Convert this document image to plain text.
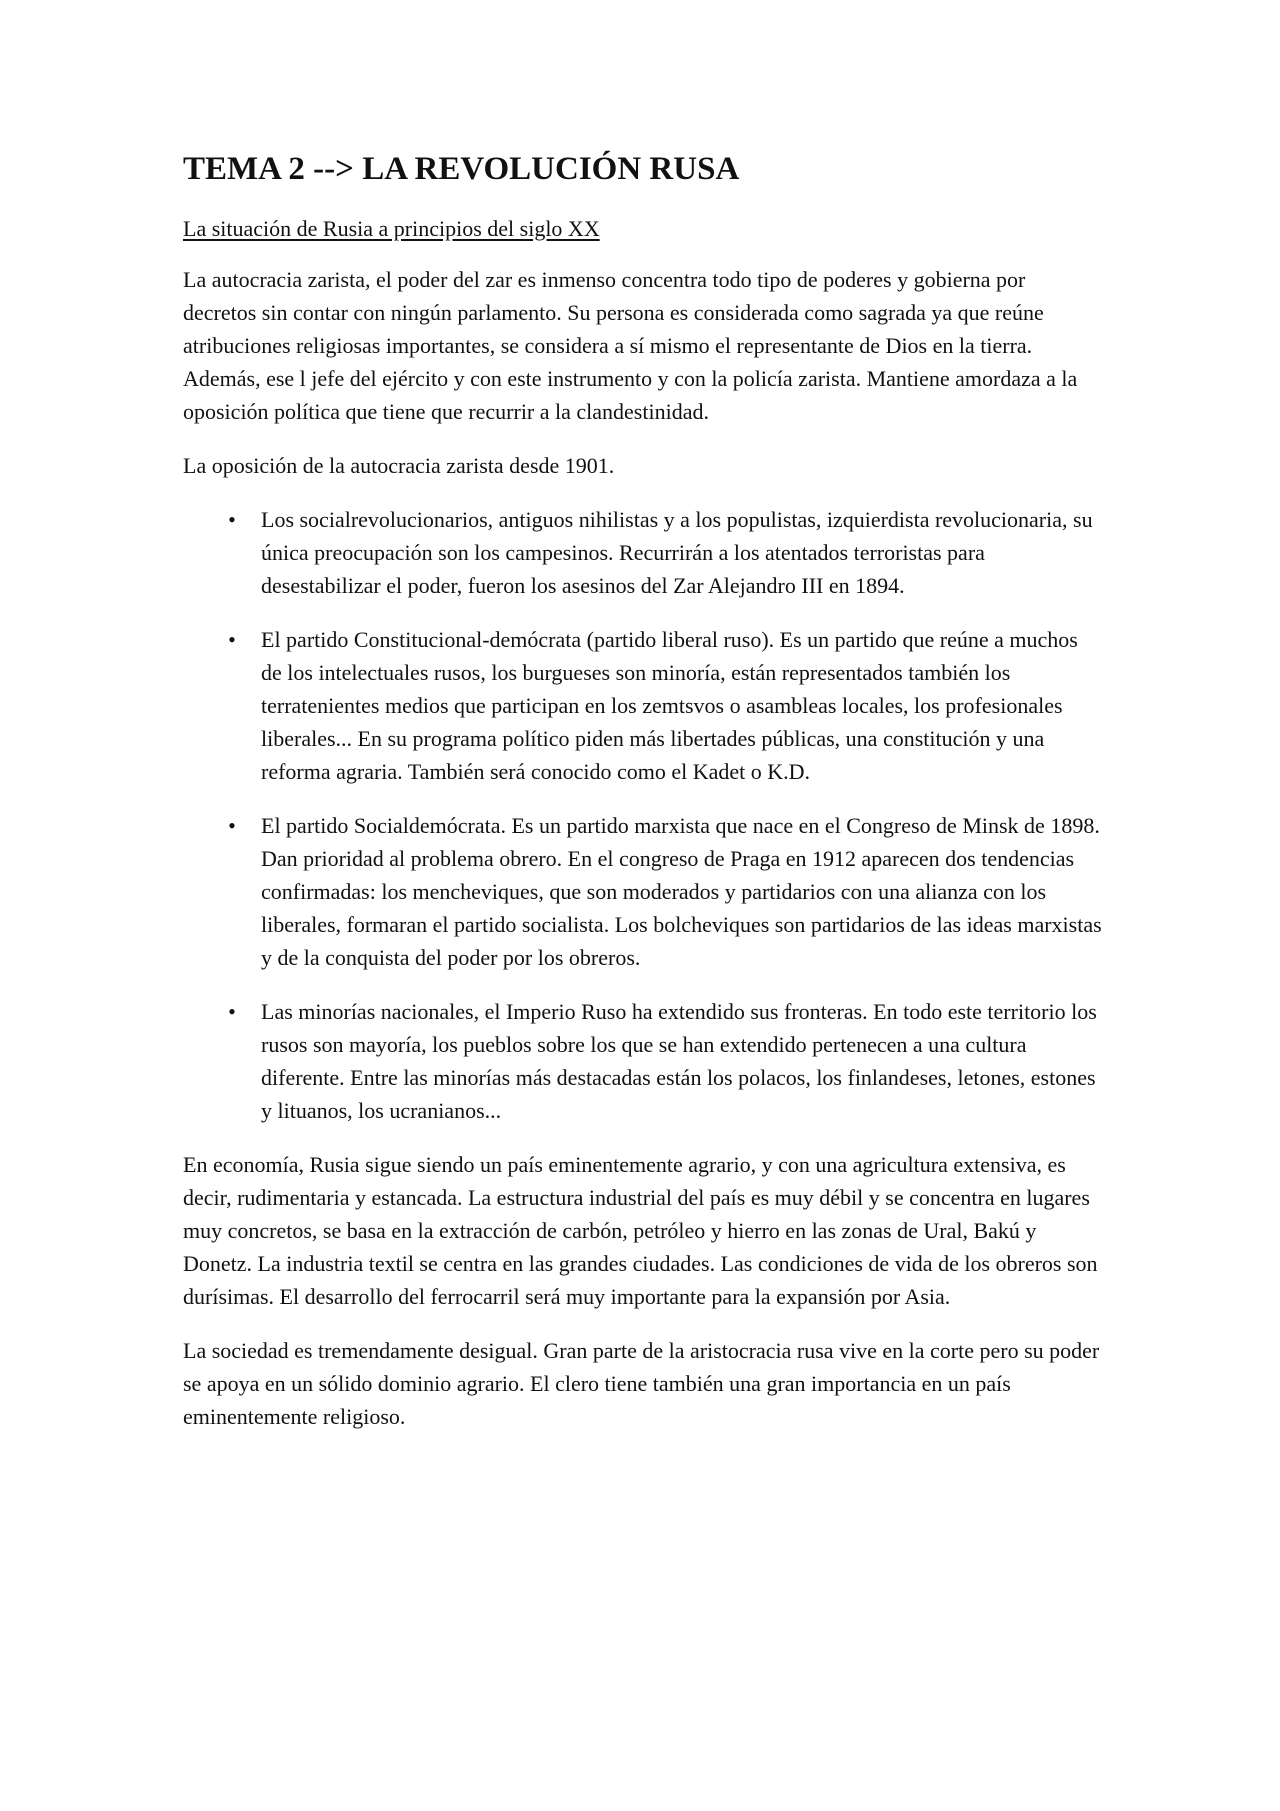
TEMA 2 --> LA REVOLUCIÓN RUSA
La situación de Rusia a principios del siglo XX

La autocracia zarista, el poder del zar es inmenso concentra todo tipo de poderes y gobierna por decretos sin contar con ningún parlamento. Su persona es considerada como sagrada ya que reúne atribuciones religiosas importantes, se considera a sí mismo el representante de Dios en la tierra. Además, ese l jefe del ejército y con este instrumento y con la policía zarista. Mantiene amordaza a la oposición política que tiene que recurrir a la clandestinidad.

La oposición de la autocracia zarista desde 1901.

• Los socialrevolucionarios, antiguos nihilistas y a los populistas, izquierdista revolucionaria, su única preocupación son los campesinos. Recurrirán a los atentados terroristas para desestabilizar el poder, fueron los asesinos del Zar Alejandro III en 1894.
• El partido Constitucional-demócrata (partido liberal ruso). Es un partido que reúne a muchos de los intelectuales rusos, los burgueses son minoría, están representados también los terratenientes medios que participan en los zemtsvos o asambleas locales, los profesionales liberales... En su programa político piden más libertades públicas, una constitución y una reforma agraria. También será conocido como el Kadet o K.D.
• El partido Socialdemócrata. Es un partido marxista que nace en el Congreso de Minsk de 1898. Dan prioridad al problema obrero. En el congreso de Praga en 1912 aparecen dos tendencias confirmadas: los mencheviques, que son moderados y partidarios con una alianza con los liberales, formaran el partido socialista. Los bolcheviques son partidarios de las ideas marxistas y de la conquista del poder por los obreros.
• Las minorías nacionales, el Imperio Ruso ha extendido sus fronteras. En todo este territorio los rusos son mayoría, los pueblos sobre los que se han extendido pertenecen a una cultura diferente. Entre las minorías más destacadas están los polacos, los finlandeses, letones, estones y lituanos, los ucranianos...

En economía, Rusia sigue siendo un país eminentemente agrario, y con una agricultura extensiva, es decir, rudimentaria y estancada. La estructura industrial del país es muy débil y se concentra en lugares muy concretos, se basa en la extracción de carbón, petróleo y hierro en las zonas de Ural, Bakú y Donetz. La industria textil se centra en las grandes ciudades. Las condiciones de vida de los obreros son durísimas. El desarrollo del ferrocarril será muy importante para la expansión por Asia.

La sociedad es tremendamente desigual. Gran parte de la aristocracia rusa vive en la corte pero su poder se apoya en un sólido dominio agrario. El clero tiene también una gran importancia en un país eminentemente religioso.
